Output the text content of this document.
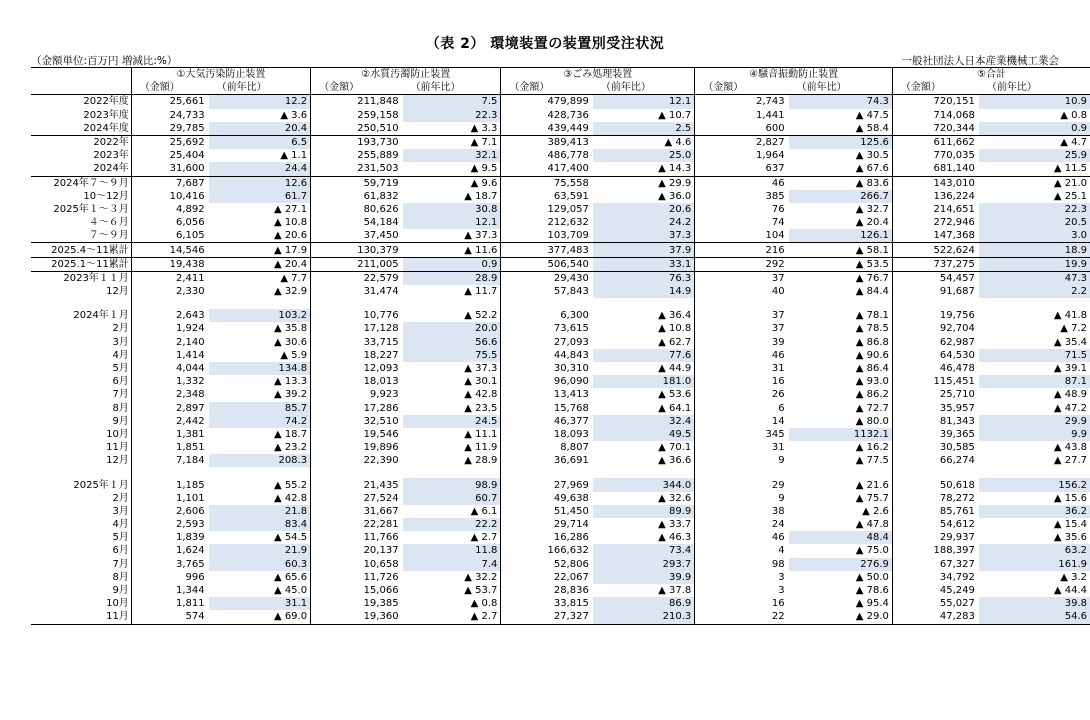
（表 2） 環境装置の装置別受注状況
（金額単位:百万円 増減比:%）	一般社団法人日本産業機械工業会
	①大気汚染防止装置		②水質汚濁防止装置		③ごみ処理装置		④騒音振動防止装置		⑤合計	
	（金額）	（前年比）	（金額）	（前年比）	（金額）	（前年比）	（金額）	（前年比）	（金額）	（前年比）
2022年度	25,661	12.2	211,848	7.5	479,899	12.1	2,743	74.3	720,151	10.9
2023年度	24,733	▲ 3.6	259,158	22.3	428,736	▲ 10.7	1,441	▲ 47.5	714,068	▲ 0.8
2024年度	29,785	20.4	250,510	▲ 3.3	439,449	2.5	600	▲ 58.4	720,344	0.9
2022年	25,692	6.5	193,730	▲ 7.1	389,413	▲ 4.6	2,827	125.6	611,662	▲ 4.7
2023年	25,404	▲ 1.1	255,889	32.1	486,778	25.0	1,964	▲ 30.5	770,035	25.9
2024年	31,600	24.4	231,503	▲ 9.5	417,400	▲ 14.3	637	▲ 67.6	681,140	▲ 11.5
2024年７～９月	7,687	12.6	59,719	▲ 9.6	75,558	▲ 29.9	46	▲ 83.6	143,010	▲ 21.0
10～12月	10,416	61.7	61,832	▲ 18.7	63,591	▲ 36.0	385	266.7	136,224	▲ 25.1
2025年１～３月	4,892	▲ 27.1	80,626	30.8	129,057	20.6	76	▲ 32.7	214,651	22.3
４～６月	6,056	▲ 10.8	54,184	12.1	212,632	24.2	74	▲ 20.4	272,946	20.5
７～９月	6,105	▲ 20.6	37,450	▲ 37.3	103,709	37.3	104	126.1	147,368	3.0
2025.4～11累計	14,546	▲ 17.9	130,379	▲ 11.6	377,483	37.9	216	▲ 58.1	522,624	18.9
2025.1～11累計	19,438	▲ 20.4	211,005	0.9	506,540	33.1	292	▲ 53.5	737,275	19.9
2023年１１月	2,411	▲ 7.7	22,579	28.9	29,430	76.3	37	▲ 76.7	54,457	47.3
12月	2,330	▲ 32.9	31,474	▲ 11.7	57,843	14.9	40	▲ 84.4	91,687	2.2

2024年１月	2,643	103.2	10,776	▲ 52.2	6,300	▲ 36.4	37	▲ 78.1	19,756	▲ 41.8
2月	1,924	▲ 35.8	17,128	20.0	73,615	▲ 10.8	37	▲ 78.5	92,704	▲ 7.2
3月	2,140	▲ 30.6	33,715	56.6	27,093	▲ 62.7	39	▲ 86.8	62,987	▲ 35.4
4月	1,414	▲ 5.9	18,227	75.5	44,843	77.6	46	▲ 90.6	64,530	71.5
5月	4,044	134.8	12,093	▲ 37.3	30,310	▲ 44.9	31	▲ 86.4	46,478	▲ 39.1
6月	1,332	▲ 13.3	18,013	▲ 30.1	96,090	181.0	16	▲ 93.0	115,451	87.1
7月	2,348	▲ 39.2	9,923	▲ 42.8	13,413	▲ 53.6	26	▲ 86.2	25,710	▲ 48.9
8月	2,897	85.7	17,286	▲ 23.5	15,768	▲ 64.1	6	▲ 72.7	35,957	▲ 47.2
9月	2,442	74.2	32,510	24.5	46,377	32.4	14	▲ 80.0	81,343	29.9
10月	1,381	▲ 18.7	19,546	▲ 11.1	18,093	49.5	345	1132.1	39,365	9.9
11月	1,851	▲ 23.2	19,896	▲ 11.9	8,807	▲ 70.1	31	▲ 16.2	30,585	▲ 43.8
12月	7,184	208.3	22,390	▲ 28.9	36,691	▲ 36.6	9	▲ 77.5	66,274	▲ 27.7

2025年１月	1,185	▲ 55.2	21,435	98.9	27,969	344.0	29	▲ 21.6	50,618	156.2
2月	1,101	▲ 42.8	27,524	60.7	49,638	▲ 32.6	9	▲ 75.7	78,272	▲ 15.6
3月	2,606	21.8	31,667	▲ 6.1	51,450	89.9	38	▲ 2.6	85,761	36.2
4月	2,593	83.4	22,281	22.2	29,714	▲ 33.7	24	▲ 47.8	54,612	▲ 15.4
5月	1,839	▲ 54.5	11,766	▲ 2.7	16,286	▲ 46.3	46	48.4	29,937	▲ 35.6
6月	1,624	21.9	20,137	11.8	166,632	73.4	4	▲ 75.0	188,397	63.2
7月	3,765	60.3	10,658	7.4	52,806	293.7	98	276.9	67,327	161.9
8月	996	▲ 65.6	11,726	▲ 32.2	22,067	39.9	3	▲ 50.0	34,792	▲ 3.2
9月	1,344	▲ 45.0	15,066	▲ 53.7	28,836	▲ 37.8	3	▲ 78.6	45,249	▲ 44.4
10月	1,811	31.1	19,385	▲ 0.8	33,815	86.9	16	▲ 95.4	55,027	39.8
11月	574	▲ 69.0	19,360	▲ 2.7	27,327	210.3	22	▲ 29.0	47,283	54.6
